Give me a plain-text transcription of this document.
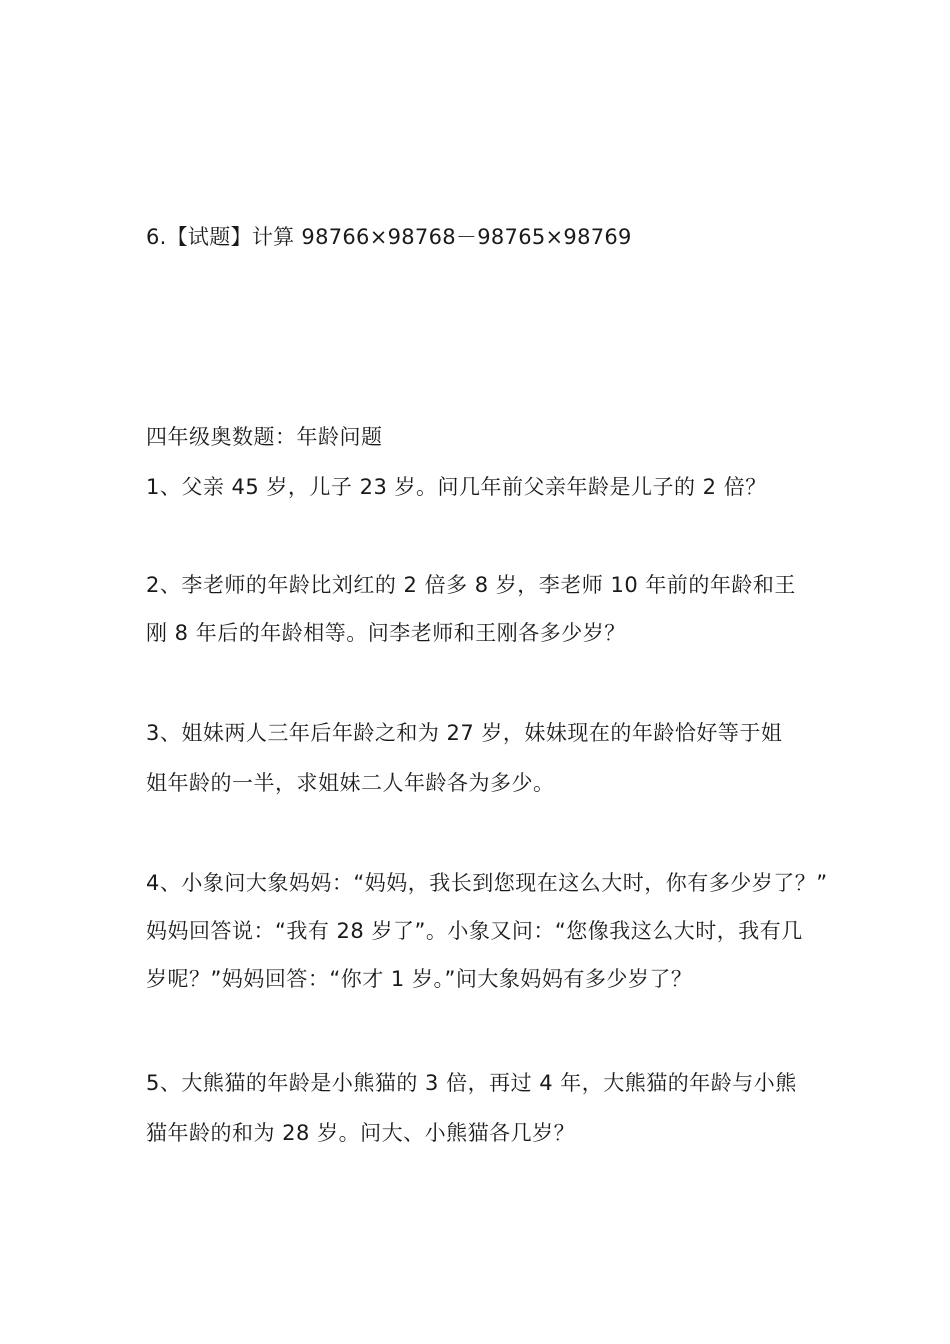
6.【试题】计算 98766×98768－98765×98769
四年级奥数题：年龄问题
1、父亲 45 岁，儿子 23 岁。问几年前父亲年龄是儿子的 2 倍？
2、李老师的年龄比刘红的 2 倍多 8 岁，李老师 10 年前的年龄和王
刚 8 年后的年龄相等。问李老师和王刚各多少岁？
3、姐妹两人三年后年龄之和为 27 岁，妹妹现在的年龄恰好等于姐
姐年龄的一半，求姐妹二人年龄各为多少。
4、小象问大象妈妈：“妈妈，我长到您现在这么大时，你有多少岁了？”
妈妈回答说：“我有 28 岁了”。小象又问：“您像我这么大时，我有几
岁呢？”妈妈回答：“你才 1 岁。”问大象妈妈有多少岁了？
5、大熊猫的年龄是小熊猫的 3 倍，再过 4 年，大熊猫的年龄与小熊
猫年龄的和为 28 岁。问大、小熊猫各几岁？
